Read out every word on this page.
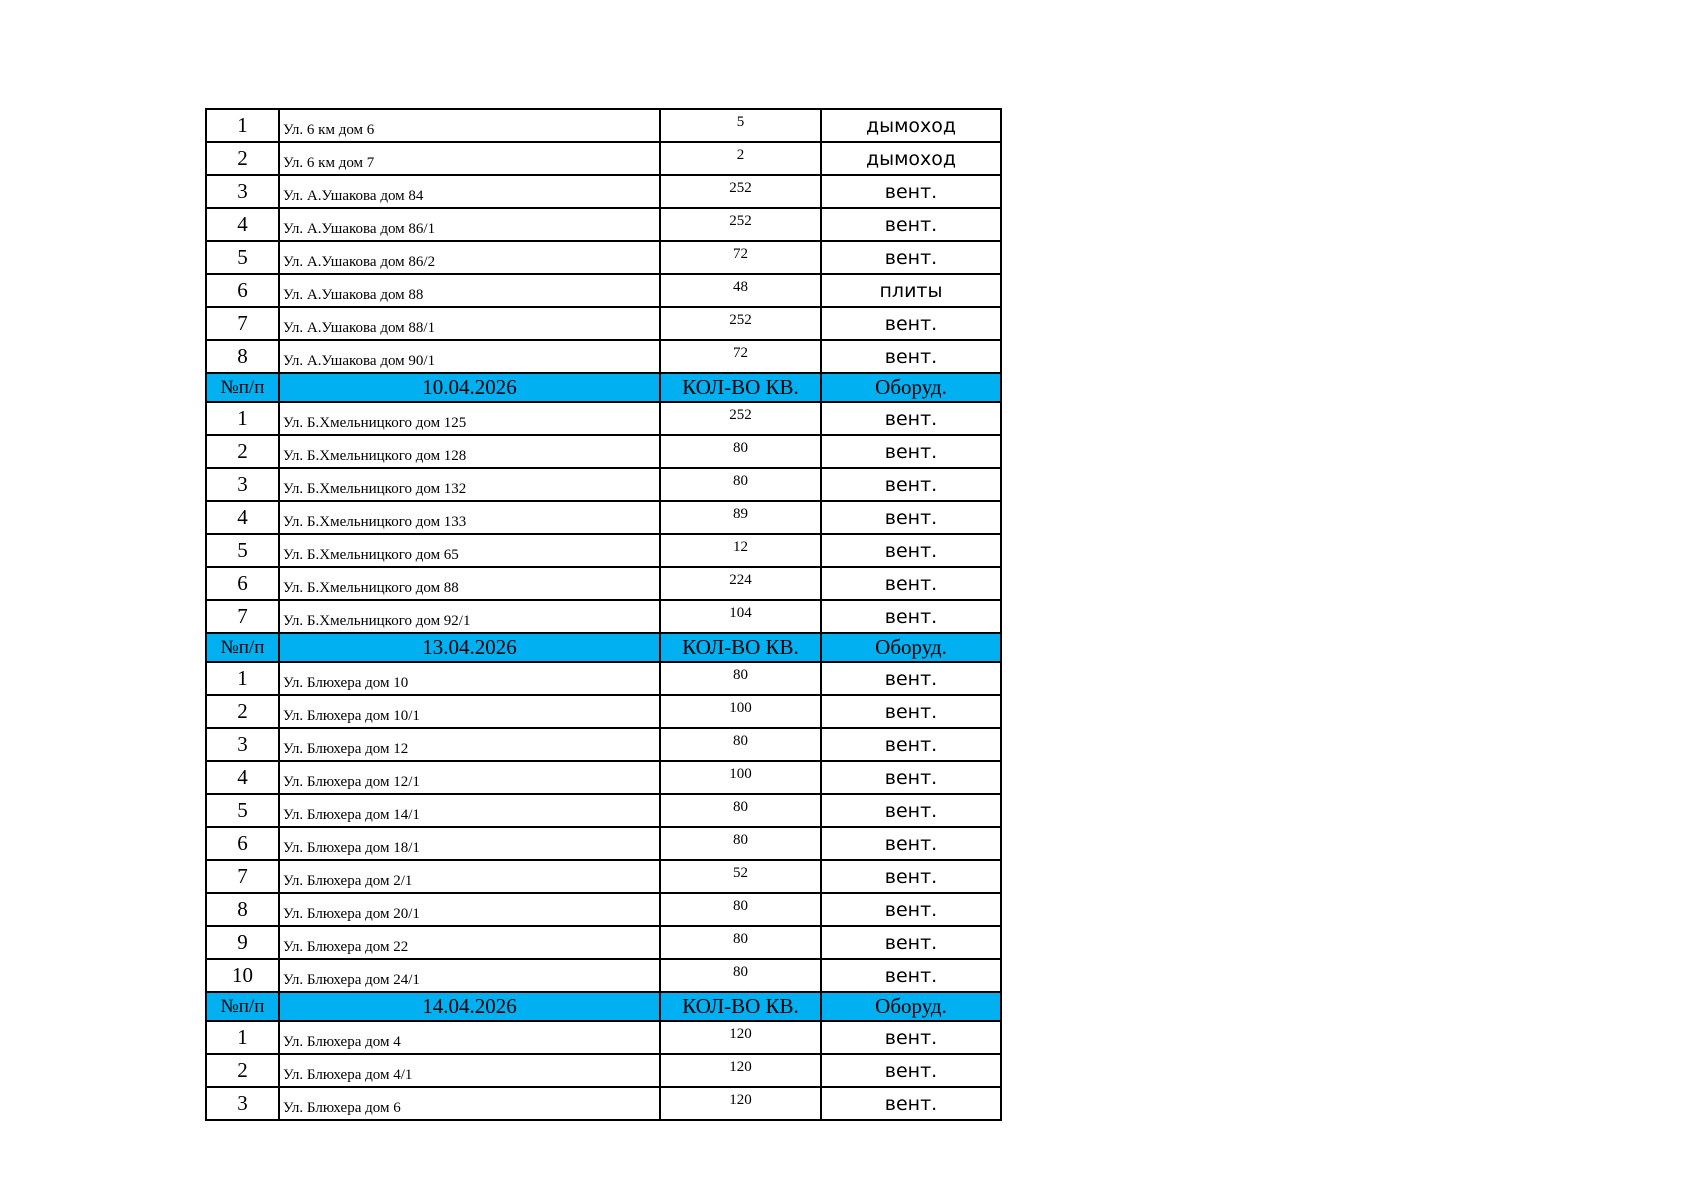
1	Ул. 6 км дом 6	5	дымоход
2	Ул. 6 км дом 7	2	дымоход
3	Ул. А.Ушакова дом 84	252	вент.
4	Ул. А.Ушакова дом 86/1	252	вент.
5	Ул. А.Ушакова дом 86/2	72	вент.
6	Ул. А.Ушакова дом 88	48	плиты
7	Ул. А.Ушакова дом 88/1	252	вент.
8	Ул. А.Ушакова дом 90/1	72	вент.
№п/п	10.04.2026	КОЛ-ВО КВ.	Оборуд.
1	Ул. Б.Хмельницкого дом 125	252	вент.
2	Ул. Б.Хмельницкого дом 128	80	вент.
3	Ул. Б.Хмельницкого дом 132	80	вент.
4	Ул. Б.Хмельницкого дом 133	89	вент.
5	Ул. Б.Хмельницкого дом 65	12	вент.
6	Ул. Б.Хмельницкого дом 88	224	вент.
7	Ул. Б.Хмельницкого дом 92/1	104	вент.
№п/п	13.04.2026	КОЛ-ВО КВ.	Оборуд.
1	Ул. Блюхера дом 10	80	вент.
2	Ул. Блюхера дом 10/1	100	вент.
3	Ул. Блюхера дом 12	80	вент.
4	Ул. Блюхера дом 12/1	100	вент.
5	Ул. Блюхера дом 14/1	80	вент.
6	Ул. Блюхера дом 18/1	80	вент.
7	Ул. Блюхера дом 2/1	52	вент.
8	Ул. Блюхера дом 20/1	80	вент.
9	Ул. Блюхера дом 22	80	вент.
10	Ул. Блюхера дом 24/1	80	вент.
№п/п	14.04.2026	КОЛ-ВО КВ.	Оборуд.
1	Ул. Блюхера дом 4	120	вент.
2	Ул. Блюхера дом 4/1	120	вент.
3	Ул. Блюхера дом 6	120	вент.
